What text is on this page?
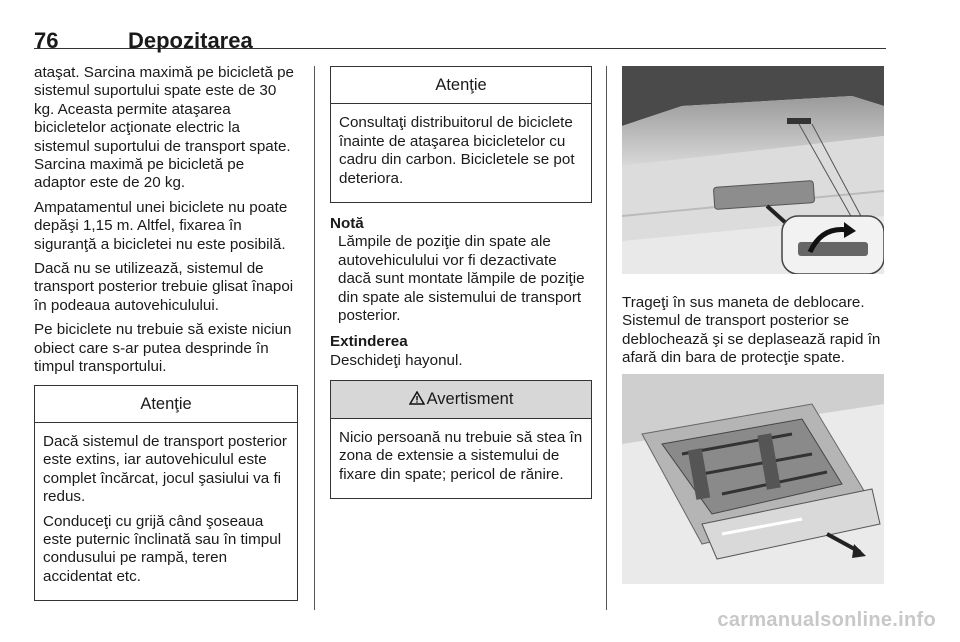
76	Depozitarea

ataşat. Sarcina maximă pe bicicletă pe sistemul suportului spate este de 30 kg. Aceasta permite ataşarea bicicletelor acţionate electric la sistemul suportului de transport spate. Sarcina maximă pe bicicletă pe adaptor este de 20 kg.

Ampatamentul unei biciclete nu poate depăşi 1,15 m. Altfel, fixarea în siguranţă a bicicletei nu este posibilă.

Dacă nu se utilizează, sistemul de transport posterior trebuie glisat înapoi în podeaua autovehiculului.

Pe biciclete nu trebuie să existe niciun obiect care s-ar putea desprinde în timpul transportului.

Atenţie

Dacă sistemul de transport posterior este extins, iar autovehiculul este complet încărcat, jocul şasiului va fi redus.

Conduceţi cu grijă când şoseaua este puternic înclinată sau în timpul condusului pe rampă, teren accidentat etc.

Atenţie

Consultaţi distribuitorul de biciclete înainte de ataşarea bicicletelor cu cadru din carbon. Bicicletele se pot deteriora.

Notă
Lămpile de poziţie din spate ale autovehiculului vor fi dezactivate dacă sunt montate lămpile de poziţie din spate ale sistemului de transport posterior.
Extinderea
Deschideţi hayonul.
Avertisment

Nicio persoană nu trebuie să stea în zona de extensie a sistemului de fixare din spate; pericol de rănire.

Trageţi în sus maneta de deblocare. Sistemul de transport posterior se deblochează şi se deplasează rapid în afară din bara de protecţie spate.

carmanualsonline.info
